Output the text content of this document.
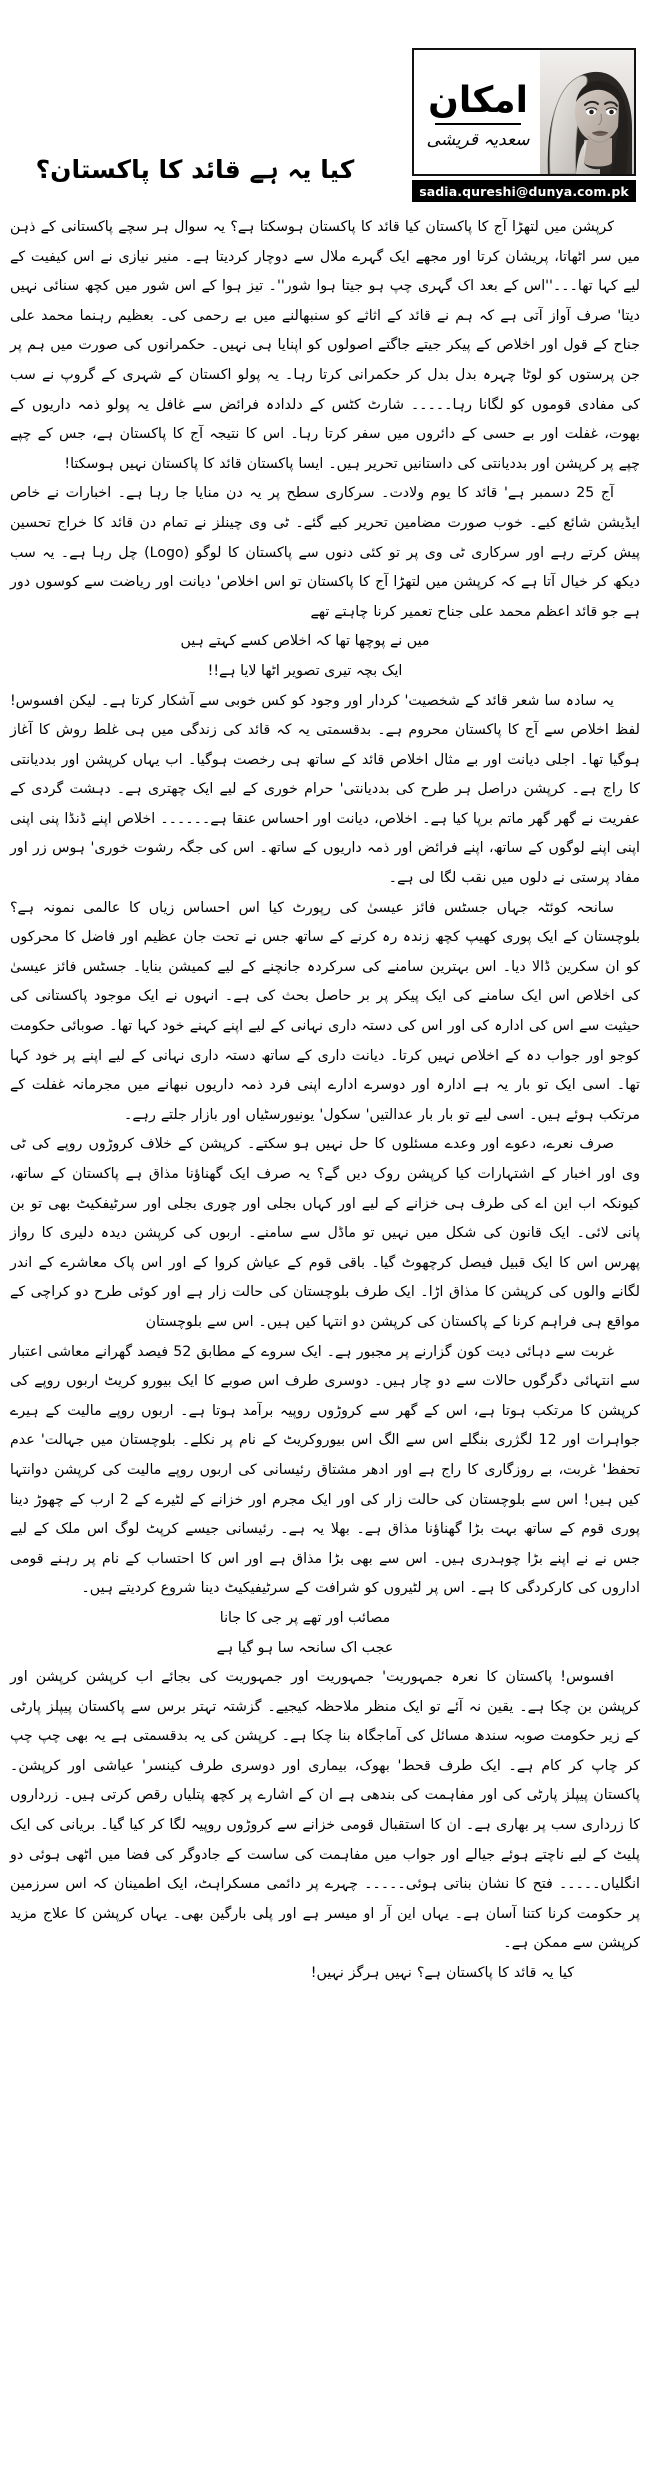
امکان
سعدیہ قریشی
sadia.qureshi@dunya.com.pk
کیا یہ ہے قائد کا پاکستان؟

کرپشن میں لتھڑا آج کا پاکستان کیا قائد کا پاکستان ہوسکتا ہے؟ یہ سوال ہر سچے پاکستانی کے ذہن میں سر اٹھاتا، پریشان کرتا اور مجھے ایک گہرے ملال سے دوچار کردیتا ہے۔ منیر نیازی نے اس کیفیت کے لیے کہا تھا۔۔۔''اس کے بعد اک گہری چپ ہو جیتا ہوا شور''۔ تیز ہوا کے اس شور میں کچھ سنائی نہیں دیتا' صرف آواز آتی ہے کہ ہم نے قائد کے اثاثے کو سنبھالنے میں بے رحمی کی۔ بعظیم رہنما محمد علی جناح کے قول اور اخلاص کے پیکر جیتے جاگتے اصولوں کو اپنایا ہی نہیں۔ حکمرانوں کی صورت میں ہم پر جن پرستوں کو لوٹا چہرہ بدل بدل کر حکمرانی کرتا رہا۔ یہ پولو اکستان کے شہری کے گروپ نے سب کی مفادی قوموں کو لگانا رہا۔۔۔۔۔ شارٹ کٹس کے دلدادہ فرائض سے غافل یہ پولو ذمہ داریوں کے بھوت، غفلت اور بے حسی کے دائروں میں سفر کرتا رہا۔ اس کا نتیجہ آج کا پاکستان ہے، جس کے چپے چپے پر کرپشن اور بددیانتی کی داستانیں تحریر ہیں۔ ایسا پاکستان قائد کا پاکستان نہیں ہوسکتا!

آج 25 دسمبر ہے' قائد کا یوم ولادت۔ سرکاری سطح پر یہ دن منایا جا رہا ہے۔ اخبارات نے خاص ایڈیشن شائع کیے۔ خوب صورت مضامین تحریر کیے گئے۔ ٹی وی چینلز نے تمام دن قائد کا خراج تحسین پیش کرتے رہے اور سرکاری ٹی وی پر تو کئی دنوں سے پاکستان کا لوگو (Logo) چل رہا ہے۔ یہ سب دیکھ کر خیال آتا ہے کہ کرپشن میں لتھڑا آج کا پاکستان تو اس اخلاص' دیانت اور ریاضت سے کوسوں دور ہے جو قائد اعظم محمد علی جناح تعمیر کرنا چاہتے تھے

میں نے پوچھا تھا کہ اخلاص کسے کہتے ہیں
ایک بچہ تیری تصویر اٹھا لایا ہے!!

یہ سادہ سا شعر قائد کے شخصیت' کردار اور وجود کو کس خوبی سے آشکار کرتا ہے۔ لیکن افسوس! لفظ اخلاص سے آج کا پاکستان محروم ہے۔ بدقسمتی یہ کہ قائد کی زندگی میں ہی غلط روش کا آغاز ہوگیا تھا۔ اجلی دیانت اور بے مثال اخلاص قائد کے ساتھ ہی رخصت ہوگیا۔ اب یہاں کرپشن اور بددیانتی کا راج ہے۔ کرپشن دراصل ہر طرح کی بددیانتی' حرام خوری کے لیے ایک چھتری ہے۔ دہشت گردی کے عفریت نے گھر گھر ماتم برپا کیا ہے۔ اخلاص، دیانت اور احساس عنقا ہے۔۔۔۔۔۔ اخلاص اپنے ڈنڈا پنی اپنی اپنی اپنے لوگوں کے ساتھ، اپنے فرائض اور ذمہ داریوں کے ساتھ۔ اس کی جگہ رشوت خوری' ہوس زر اور مفاد پرستی نے دلوں میں نقب لگا لی ہے۔

سانحہ کوئٹہ جہاں جسٹس فائز عیسیٰ کی رپورٹ کیا اس احساس زیاں کا عالمی نمونہ ہے؟ بلوچستان کے ایک پوری کھیپ کچھ زندہ رہ کرنے کے ساتھ جس نے تحت جان عظیم اور فاضل کا محرکوں کو ان سکرین ڈالا دیا۔ اس بہترین سامنے کی سرکردہ جانچنے کے لیے کمیشن بنایا۔ جسٹس فائز عیسیٰ کی اخلاص اس ایک سامنے کی ایک پیکر پر بر حاصل بحث کی ہے۔ انہوں نے ایک موجود پاکستانی کی حیثیت سے اس کی ادارہ کی اور اس کی دستہ داری نہانی کے لیے اپنے کہنے خود کہا تھا۔ صوبائی حکومت کوجو اور جواب دہ کے اخلاص نہیں کرتا۔ دیانت داری کے ساتھ دستہ داری نہانی کے لیے اپنے پر خود کہا تھا۔ اسی ایک تو بار یہ ہے ادارہ اور دوسرے ادارے اپنی فرد ذمہ داریوں نبھانے میں مجرمانہ غفلت کے مرتکب ہوئے ہیں۔ اسی لیے تو بار بار عدالتیں' سکول' یونیورسٹیاں اور بازار جلتے رہے۔

صرف نعرے، دعوے اور وعدے مسئلوں کا حل نہیں ہو سکتے۔ کرپشن کے خلاف کروڑوں روپے کی ٹی وی اور اخبار کے اشتہارات کیا کرپشن روک دیں گے؟ یہ صرف ایک گھناؤنا مذاق ہے پاکستان کے ساتھ، کیونکہ اب این اے کی طرف ہی خزانے کے لیے اور کہاں بجلی اور چوری بجلی اور سرٹیفکیٹ بھی تو بن پانی لائی۔ ایک قانون کی شکل میں نہیں تو ماڈل سے سامنے۔ اربوں کی کرپشن دیدہ دلیری کا رواز پھرس اس کا ایک قبیل فیصل کرچھوٹ گیا۔ باقی قوم کے عیاش کروا کے اور اس پاک معاشرے کے اندر لگانے والوں کی کرپشن کا مذاق اڑا۔ ایک طرف بلوچستان کی حالت زار ہے اور کوئی طرح دو کراچی کے مواقع ہی فراہم کرنا کے پاکستان کی کرپشن دو انتہا کیں ہیں۔ اس سے بلوچستان

غربت سے دہائی دیت کون گزارنے پر مجبور ہے۔ ایک سروے کے مطابق 52 فیصد گھرانے معاشی اعتبار سے انتہائی دگرگوں حالات سے دو چار ہیں۔ دوسری طرف اس صوبے کا ایک بیورو کریٹ اربوں روپے کی کرپشن کا مرتکب ہوتا ہے، اس کے گھر سے کروڑوں روپیہ برآمد ہوتا ہے۔ اربوں روپے مالیت کے ہیرے جواہرات اور 12 لگژری بنگلے اس سے الگ اس بیوروکریٹ کے نام پر نکلے۔ بلوچستان میں جہالت' عدم تحفظ' غربت، بے روزگاری کا راج ہے اور ادھر مشتاق رئیسانی کی اربوں روپے مالیت کی کرپشن دوانتہا کیں ہیں! اس سے بلوچستان کی حالت زار کی اور ایک مجرم اور خزانے کے لٹیرے کے 2 ارب کے چھوڑ دینا پوری قوم کے ساتھ بہت بڑا گھناؤنا مذاق ہے۔ بھلا یہ ہے۔ رئیسانی جیسے کرپٹ لوگ اس ملک کے لیے جس نے نے اپنے بڑا چوہدری ہیں۔ اس سے بھی بڑا مذاق ہے اور اس کا احتساب کے نام پر رہنے قومی اداروں کی کارکردگی کا ہے۔ اس پر لٹیروں کو شرافت کے سرٹیفیکیٹ دینا شروع کردیتے ہیں۔

مصائب اور تھے پر جی کا جانا
عجب اک سانحہ سا ہو گیا ہے

افسوس! پاکستان کا نعرہ جمہوریت' جمہوریت اور جمہوریت کی بجائے اب کرپشن کرپشن اور کرپشن بن چکا ہے۔ یقین نہ آئے تو ایک منظر ملاحظہ کیجیے۔ گزشتہ تہتر برس سے پاکستان پیپلز پارٹی کے زیر حکومت صوبہ سندھ مسائل کی آماجگاہ بنا چکا ہے۔ کرپشن کی یہ بدقسمتی ہے یہ بھی چپ چپ کر چاپ کر کام ہے۔ ایک طرف قحط' بھوک، بیماری اور دوسری طرف کینسر' عیاشی اور کرپشن۔ پاکستان پیپلز پارٹی کی اور مفاہمت کی بندھی ہے ان کے اشارے پر کچھ پتلیاں رقص کرتی ہیں۔ زرداروں کا زرداری سب پر بھاری ہے۔ ان کا استقبال قومی خزانے سے کروڑوں روپیہ لگا کر کیا گیا۔ بریانی کی ایک پلیٹ کے لیے ناچتے ہوئے جیالے اور جواب میں مفاہمت کی ساست کے جادوگر کی فضا میں اٹھی ہوئی دو انگلیاں۔۔۔۔۔ فتح کا نشان بناتی ہوئی۔۔۔۔۔ چہرے پر دائمی مسکراہٹ، ایک اطمینان کہ اس سرزمین پر حکومت کرنا کتنا آسان ہے۔ یہاں این آر او میسر ہے اور پلی بارگین بھی۔ یہاں کرپشن کا علاج مزید کرپشن سے ممکن ہے۔

کیا یہ قائد کا پاکستان ہے؟ نہیں ہرگز نہیں!
